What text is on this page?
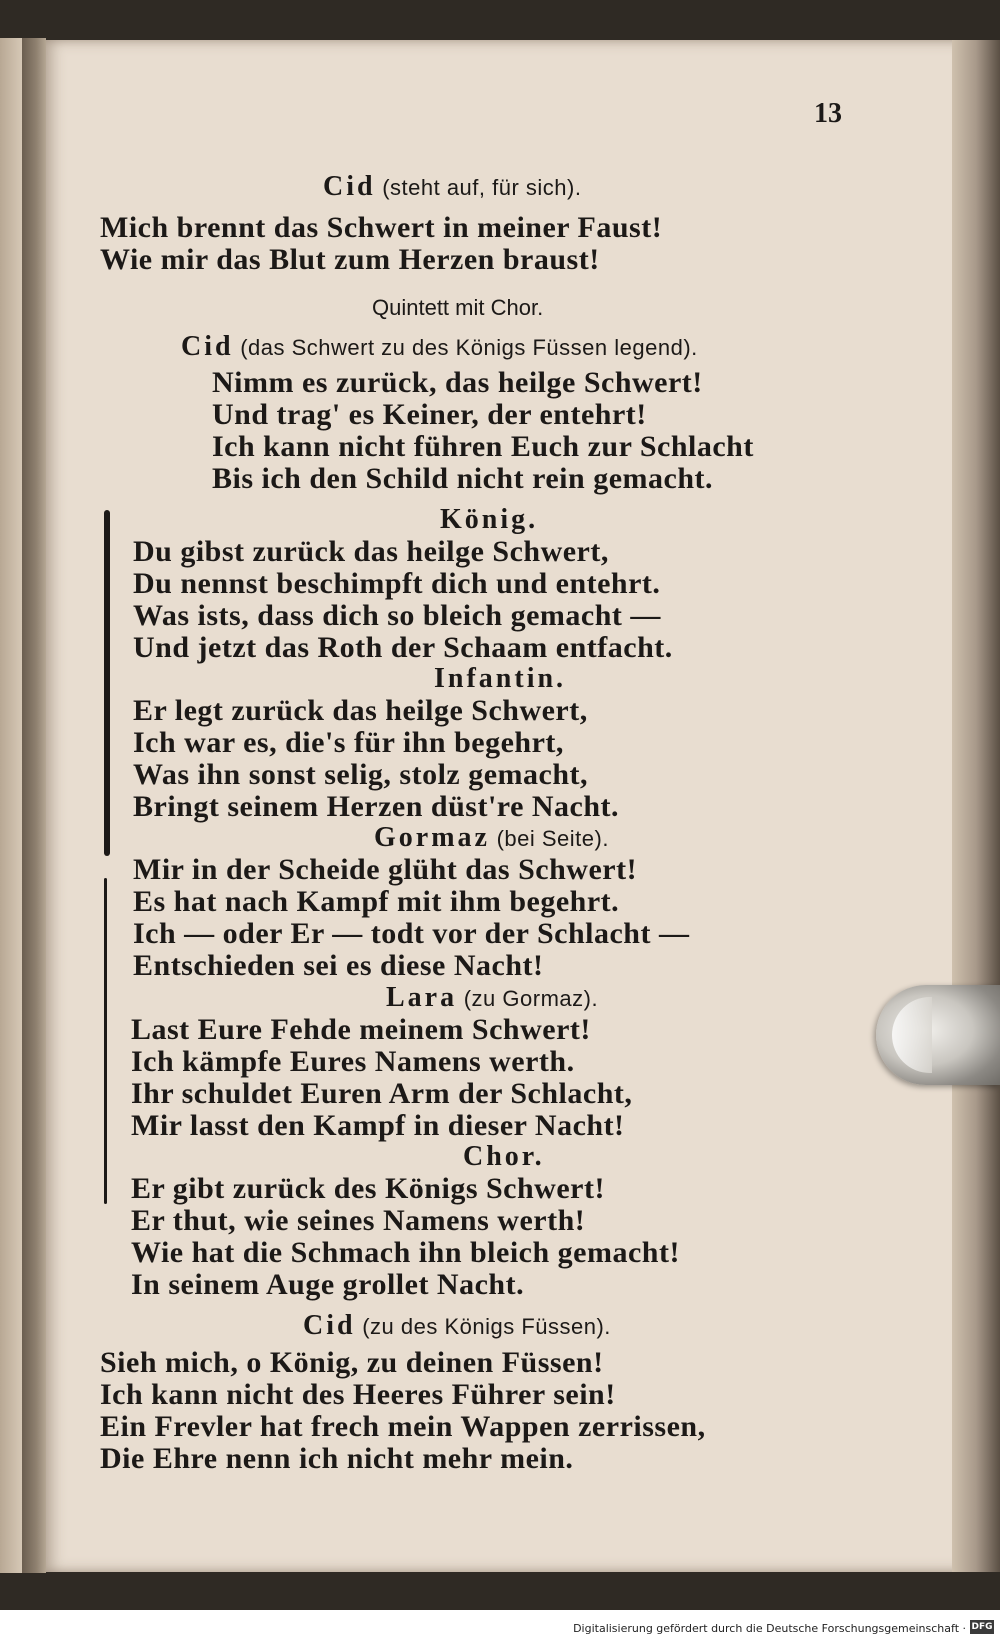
13
Cid (steht auf, für sich).
Mich brennt das Schwert in meiner Faust!
Wie mir das Blut zum Herzen braust!
Quintett mit Chor.
Cid (das Schwert zu des Königs Füssen legend).
Nimm es zurück, das heilge Schwert!
Und trag' es Keiner, der entehrt!
Ich kann nicht führen Euch zur Schlacht
Bis ich den Schild nicht rein gemacht.
König.
Du gibst zurück das heilge Schwert,
Du nennst beschimpft dich und entehrt.
Was ists, dass dich so bleich gemacht —
Und jetzt das Roth der Schaam entfacht.
Infantin.
Er legt zurück das heilge Schwert,
Ich war es, die's für ihn begehrt,
Was ihn sonst selig, stolz gemacht,
Bringt seinem Herzen düst're Nacht.
Gormaz (bei Seite).
Mir in der Scheide glüht das Schwert!
Es hat nach Kampf mit ihm begehrt.
Ich — oder Er — todt vor der Schlacht —
Entschieden sei es diese Nacht!
Lara (zu Gormaz).
Last Eure Fehde meinem Schwert!
Ich kämpfe Eures Namens werth.
Ihr schuldet Euren Arm der Schlacht,
Mir lasst den Kampf in dieser Nacht!
Chor.
Er gibt zurück des Königs Schwert!
Er thut, wie seines Namens werth!
Wie hat die Schmach ihn bleich gemacht!
In seinem Auge grollet Nacht.
Cid (zu des Königs Füssen).
Sieh mich, o König, zu deinen Füssen!
Ich kann nicht des Heeres Führer sein!
Ein Frevler hat frech mein Wappen zerrissen,
Die Ehre nenn ich nicht mehr mein.
Digitalisierung gefördert durch die Deutsche Forschungsgemeinschaft · DFG
